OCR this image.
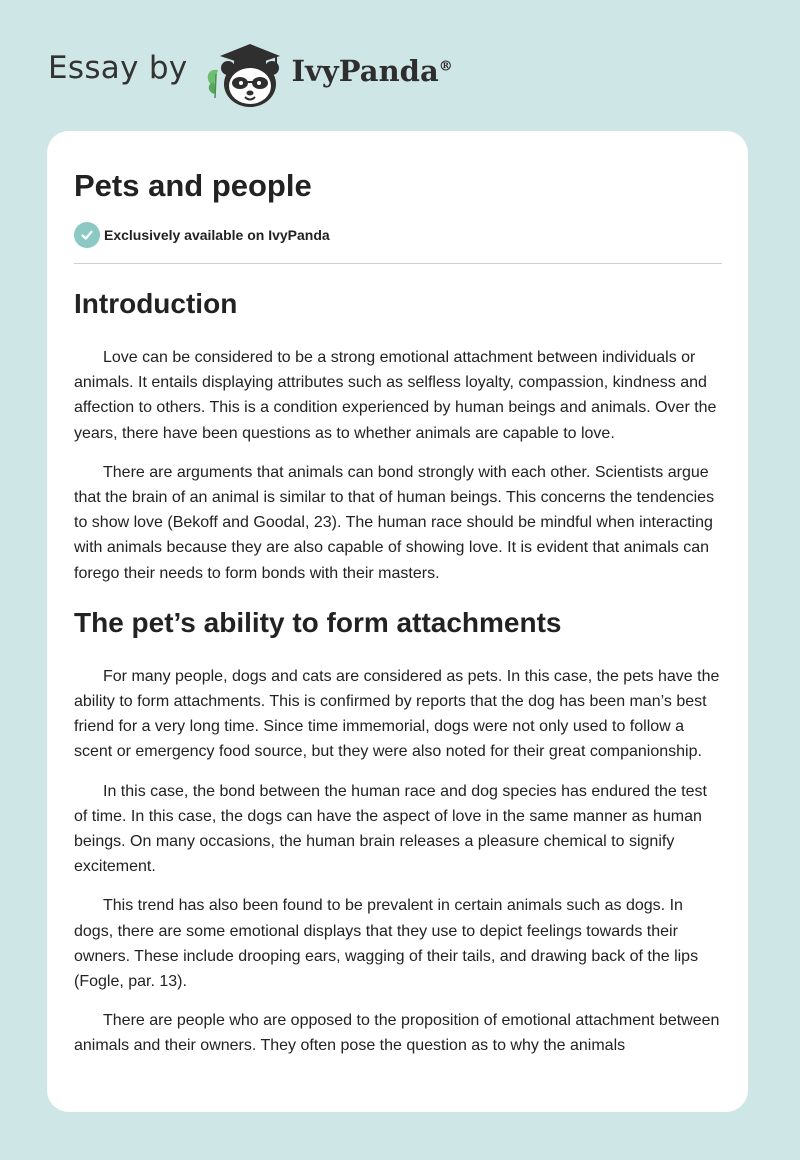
Essay by	IvyPanda®
Pets and people
Exclusively available on IvyPanda
Introduction

Love can be considered to be a strong emotional attachment between individuals or animals. It entails displaying attributes such as selfless loyalty, compassion, kindness and affection to others. This is a condition experienced by human beings and animals. Over the years, there have been questions as to whether animals are capable to love.

There are arguments that animals can bond strongly with each other. Scientists argue that the brain of an animal is similar to that of human beings. This concerns the tendencies to show love (Bekoff and Goodal, 23). The human race should be mindful when interacting with animals because they are also capable of showing love. It is evident that animals can forego their needs to form bonds with their masters.

The pet’s ability to form attachments

For many people, dogs and cats are considered as pets. In this case, the pets have the ability to form attachments. This is confirmed by reports that the dog has been man’s best friend for a very long time. Since time immemorial, dogs were not only used to follow a scent or emergency food source, but they were also noted for their great companionship.

In this case, the bond between the human race and dog species has endured the test of time. In this case, the dogs can have the aspect of love in the same manner as human beings. On many occasions, the human brain releases a pleasure chemical to signify excitement.

This trend has also been found to be prevalent in certain animals such as dogs. In dogs, there are some emotional displays that they use to depict feelings towards their owners. These include drooping ears, wagging of their tails, and drawing back of the lips (Fogle, par. 13).

There are people who are opposed to the proposition of emotional attachment between animals and their owners. They often pose the question as to why the animals
